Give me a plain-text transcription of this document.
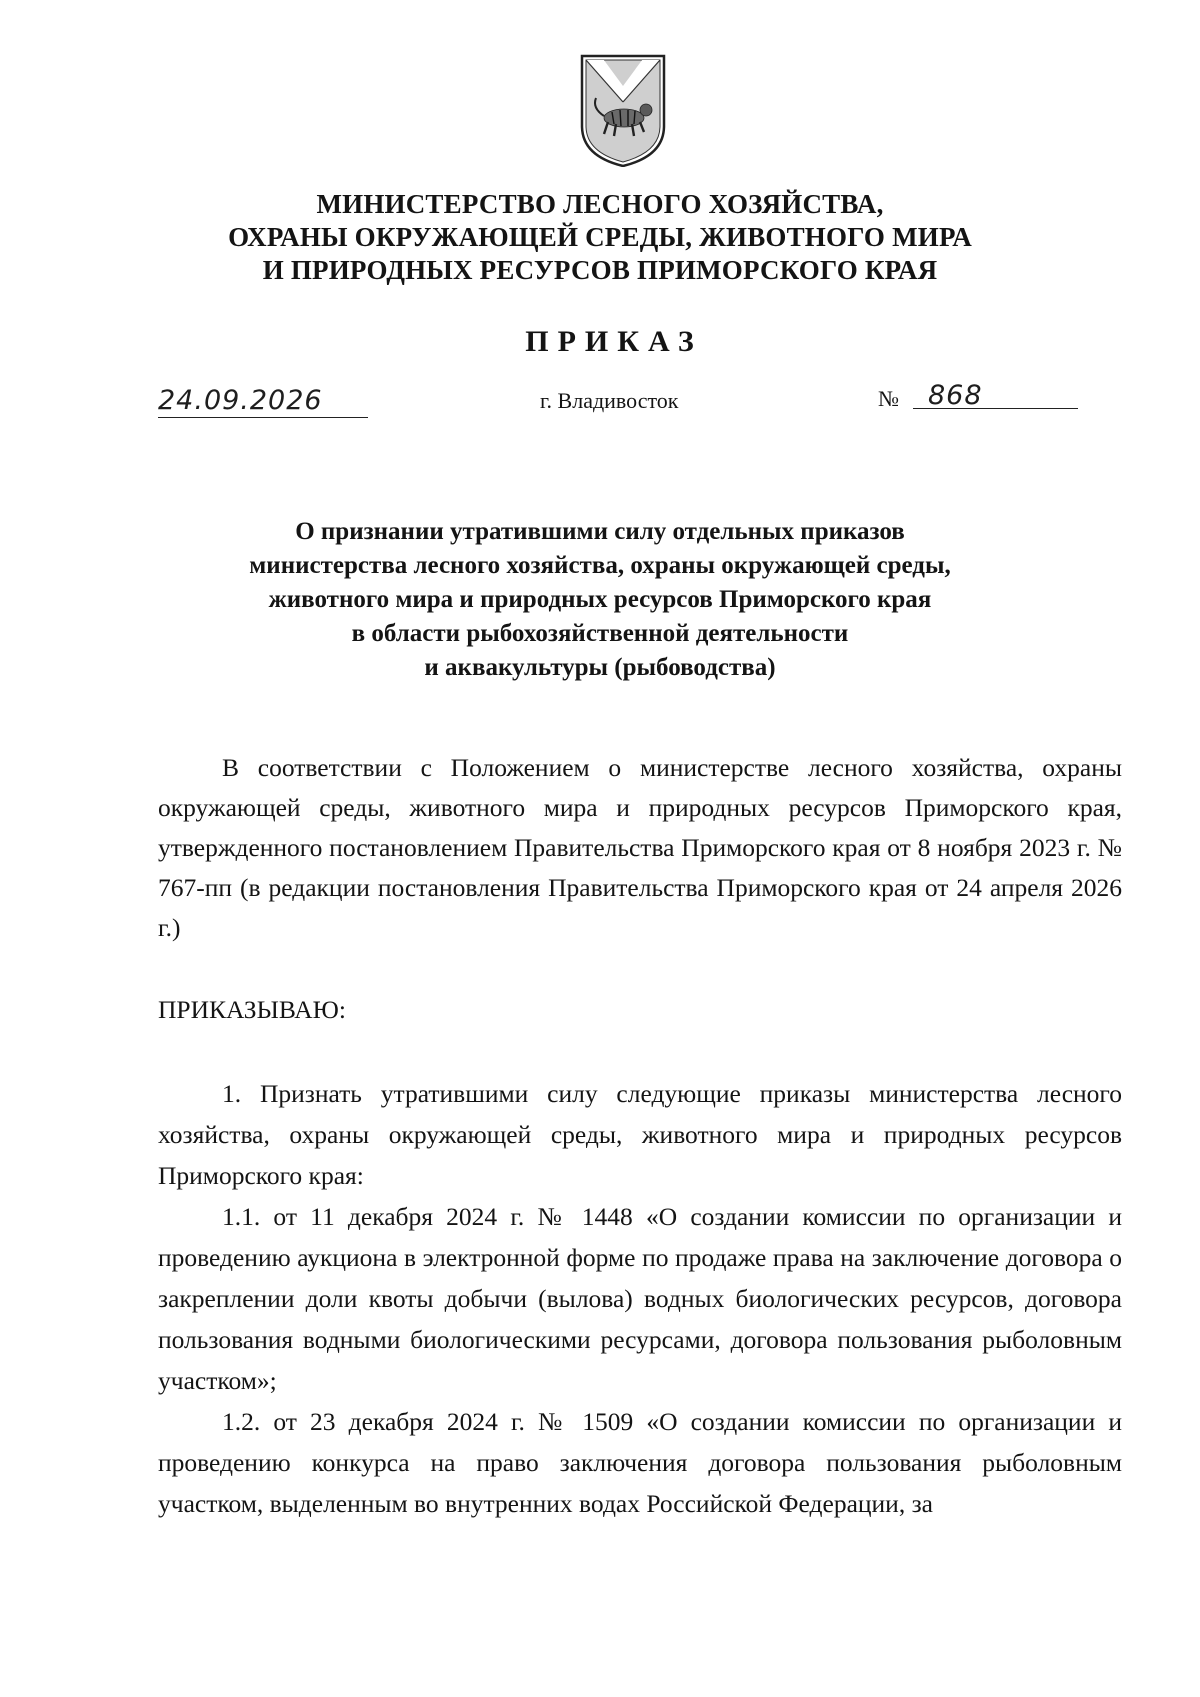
МИНИСТЕРСТВО ЛЕСНОГО ХОЗЯЙСТВА,
ОХРАНЫ ОКРУЖАЮЩЕЙ СРЕДЫ, ЖИВОТНОГО МИРА
И ПРИРОДНЫХ РЕСУРСОВ ПРИМОРСКОГО КРАЯ
ПРИКАЗ
24.09.2026	г. Владивосток	№ 868
О признании утратившими силу отдельных приказов
министерства лесного хозяйства, охраны окружающей среды,
животного мира и природных ресурсов Приморского края
в области рыбохозяйственной деятельности
и аквакультуры (рыбоводства)

В соответствии с Положением о министерстве лесного хозяйства, охраны окружающей среды, животного мира и природных ресурсов Приморского края, утвержденного постановлением Правительства Приморского края от 8 ноября 2023 г. № 767-пп (в редакции постановления Правительства Приморского края от 24 апреля 2026 г.)

ПРИКАЗЫВАЮ:

1. Признать утратившими силу следующие приказы министерства лесного хозяйства, охраны окружающей среды, животного мира и природных ресурсов Приморского края:

1.1. от 11 декабря 2024 г. № 1448 «О создании комиссии по организации и проведению аукциона в электронной форме по продаже права на заключение договора о закреплении доли квоты добычи (вылова) водных биологических ресурсов, договора пользования водными биологическими ресурсами, договора пользования рыболовным участком»;

1.2. от 23 декабря 2024 г. № 1509 «О создании комиссии по организации и проведению конкурса на право заключения договора пользования рыболовным участком, выделенным во внутренних водах Российской Федерации, за
